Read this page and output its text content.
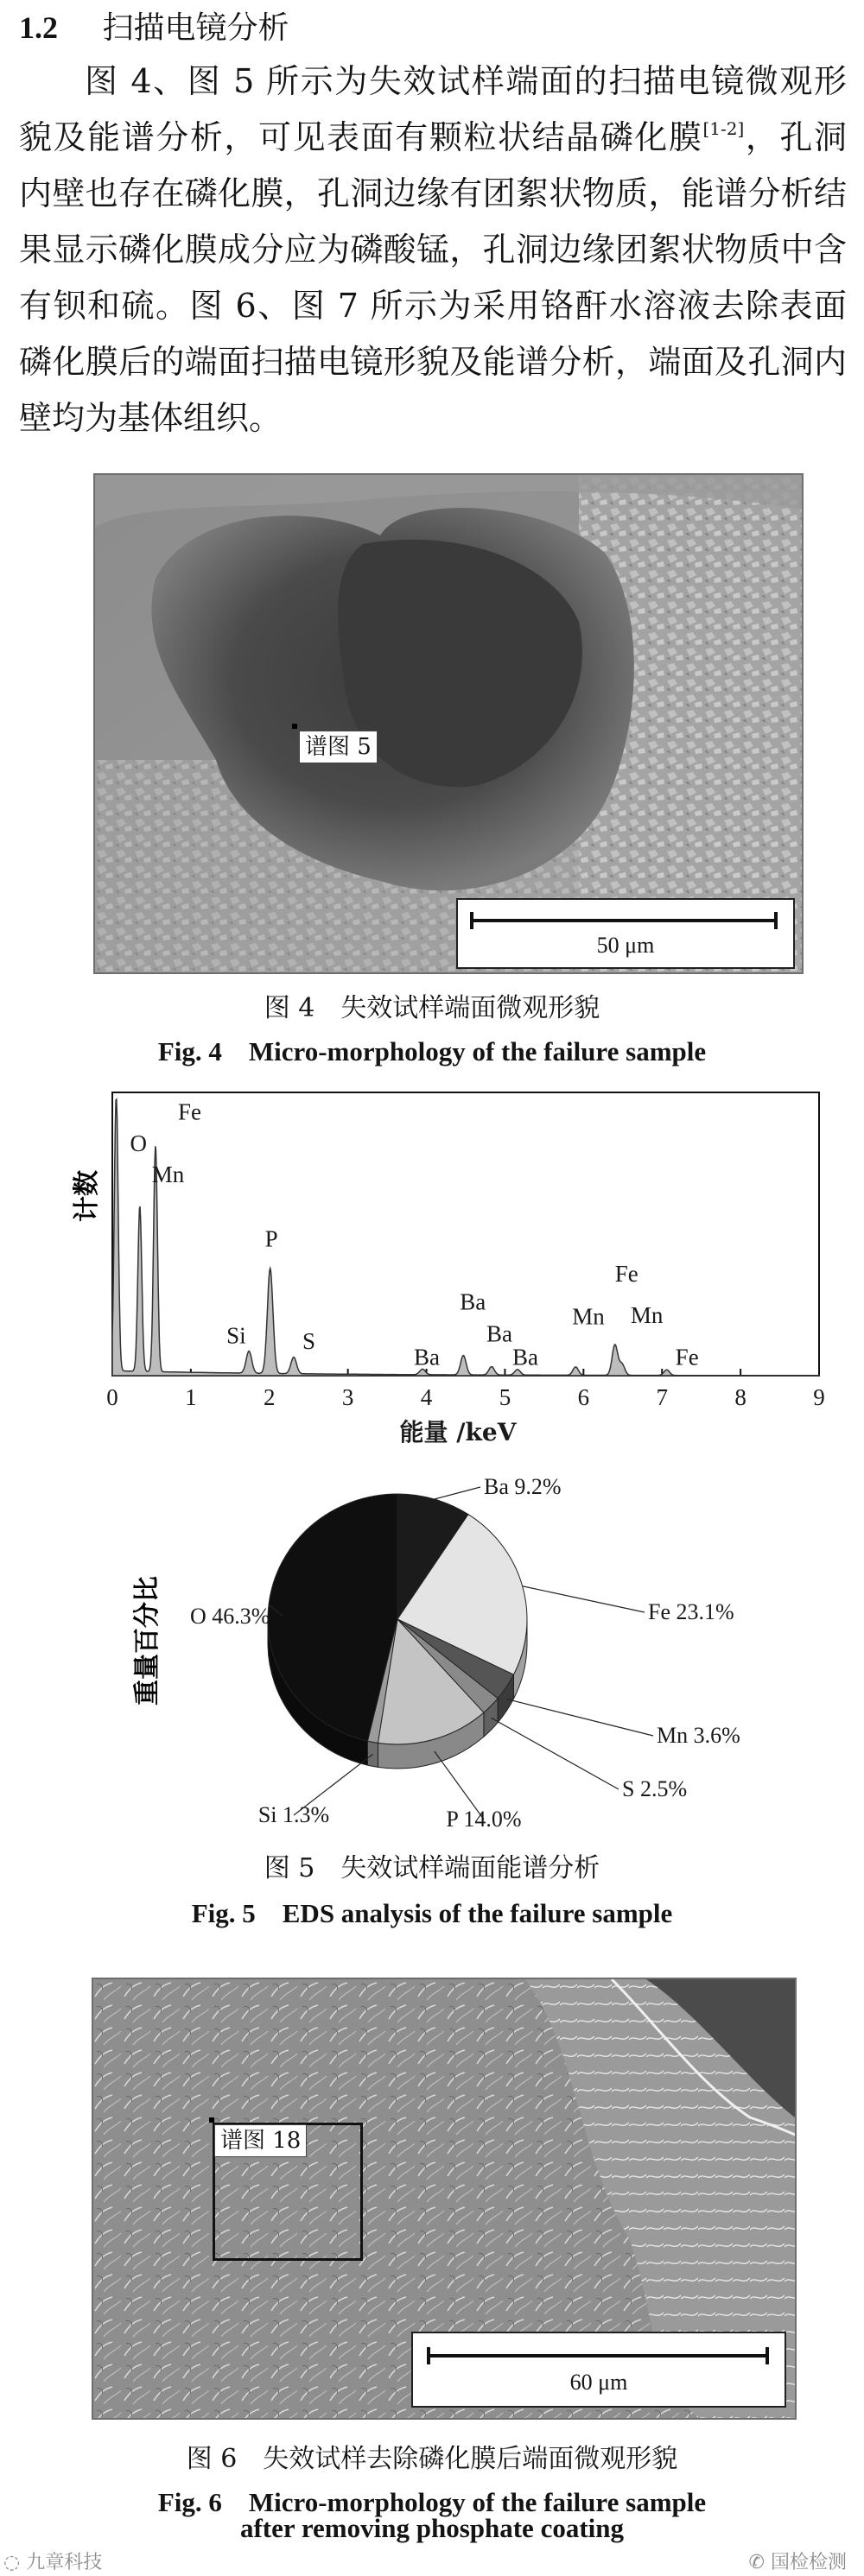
1.2 扫描电镜分析
图 4、图 5 所示为失效试样端面的扫描电镜微观形貌及能谱分析，可见表面有颗粒状结晶磷化膜[1-2]，孔洞内壁也存在磷化膜，孔洞边缘有团絮状物质，能谱分析结果显示磷化膜成分应为磷酸锰，孔洞边缘团絮状物质中含有钡和硫。图 6、图 7 所示为采用铬酐水溶液去除表面磷化膜后的端面扫描电镜形貌及能谱分析，端面及孔洞内壁均为基体组织。
谱图 5
50 μm
图 4　失效试样端面微观形貌
Fig. 4　Micro-morphology of the failure sample
计数
0	1	2	3	4	5	6	7	8	9
O
Mn
Fe
Si
P
S
Ba
Ba
Ba
Ba
Mn
Fe
Mn
Fe
能量 /keV
重量百分比
Ba 9.2%
Fe 23.1%
Mn 3.6%
S 2.5%
P 14.0%
Si 1.3%
O 46.3%
图 5　失效试样端面能谱分析
Fig. 5　EDS analysis of the failure sample
谱图 18
60 μm
图 6　失效试样去除磷化膜后端面微观形貌
Fig. 6　Micro-morphology of the failure sample
after removing phosphate coating
◌ 九章科技	✆ 国检检测
